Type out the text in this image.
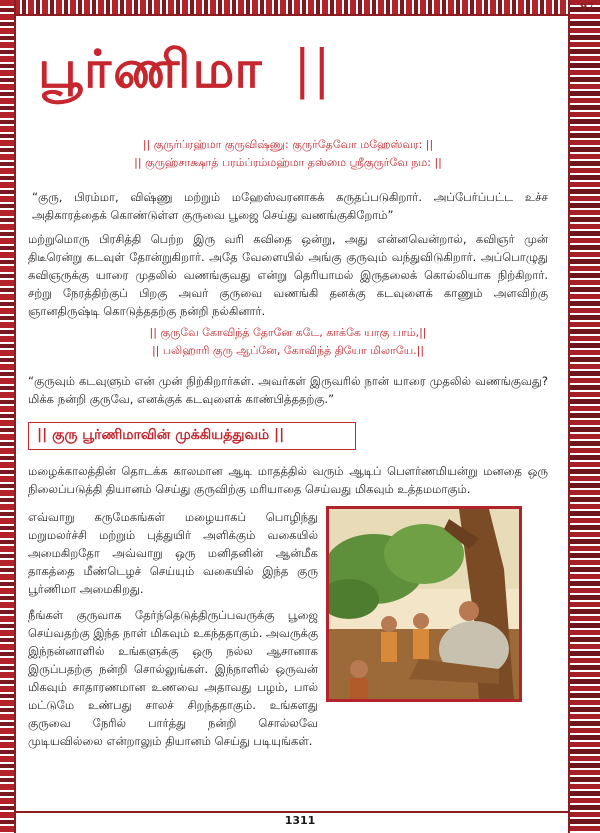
97
பூர்ணிமா ||
|| குருர்ப்ரஹ்மா குருவிஷ்ணு: குருர்தேவோ மஹேஸ்வர: ||
|| குருஹ்சாக்ஷாத் பரம்ப்ரம்மஹ்மா தஸ்மை ஸ்ரீகுருர்வே நம: ||

“குரு, பிரம்மா, விஷ்ணு மற்றும் மஹேஸ்வரனாகக் கருதப்படுகிறார். அப்பேர்ப்பட்ட உச்ச அதிகாரத்தைக் கொண்டுள்ள குருவை பூஜை செய்து வணங்குகிறோம்”

மற்றுமொரு பிரசித்தி பெற்ற இரு வரி கவிதை ஒன்று, அது என்னவென்றால், கவிஞர் முன் திடீரென்று கடவுள் தோன்றுகிறார். அதே வேளையில் அங்கு குருவும் வந்துவிடுகிறார். அப்பொழுது கவிஞருக்கு யாரை முதலில் வணங்குவது என்று தெரியாமல் இருதலைக் கொல்லியாக நிற்கிறார். சற்று நேரத்திற்குப் பிறகு அவர் குருவை வணங்கி தனக்கு கடவுளைக் காணும் அளவிற்கு ஞானதிருஷ்டி கொடுத்ததற்கு நன்றி நல்கினார்.

|| குருவே கோவிந்த் தோனே கடே, காக்கே யாகு பாம்,||
|| பலிஹாரி குரு ஆப்னே, கோவிந்த் தியோ மிலாயே.||

“குருவும் கடவுளும் என் முன் நிற்கிறார்கள். அவர்கள் இருவரில் நான் யாரை முதலில் வணங்குவது? மிக்க நன்றி குருவே, எனக்குக் கடவுளைக் காண்பித்ததற்கு.”

|| குரு பூர்ணிமாவின் முக்கியத்துவம் ||

மழைக்காலத்தின் தொடக்க காலமான ஆடி மாதத்தில் வரும் ஆடிப் பௌர்ணமியன்று மனதை ஒரு நிலைப்படுத்தி தியானம் செய்து குருவிற்கு மரியாதை செய்வது மிகவும் உத்தமமாகும்.

எவ்வாறு கருமேகங்கள் மழையாகப் பொழிந்து மறுமலர்ச்சி மற்றும் புத்துயிர் அளிக்கும் வகையில் அமைகிறதோ அவ்வாறு ஒரு மனிதனின் ஆன்மீக தாகத்தை மீண்டெழச் செய்யும் வகையில் இந்த குரு பூர்ணிமா அமைகிறது.

நீங்கள் குருவாக தேர்ந்தெடுத்திருப்பவருக்கு பூஜை செய்வதற்கு இந்த நாள் மிகவும் உகந்ததாகும். அவருக்கு இந்நன்னாளில் உங்களுக்கு ஒரு நல்ல ஆசானாக இருப்பதற்கு நன்றி சொல்லுங்கள். இந்நாளில் ஒருவன் மிகவும் சாதாரணமான உணவை அதாவது பழம், பால் மட்டுமே உண்பது சாலச் சிறந்ததாகும். உங்களது குருவை நேரில் பார்த்து நன்றி சொல்லவே முடியவில்லை என்றாலும் தியானம் செய்து படியுங்கள்.

1311
